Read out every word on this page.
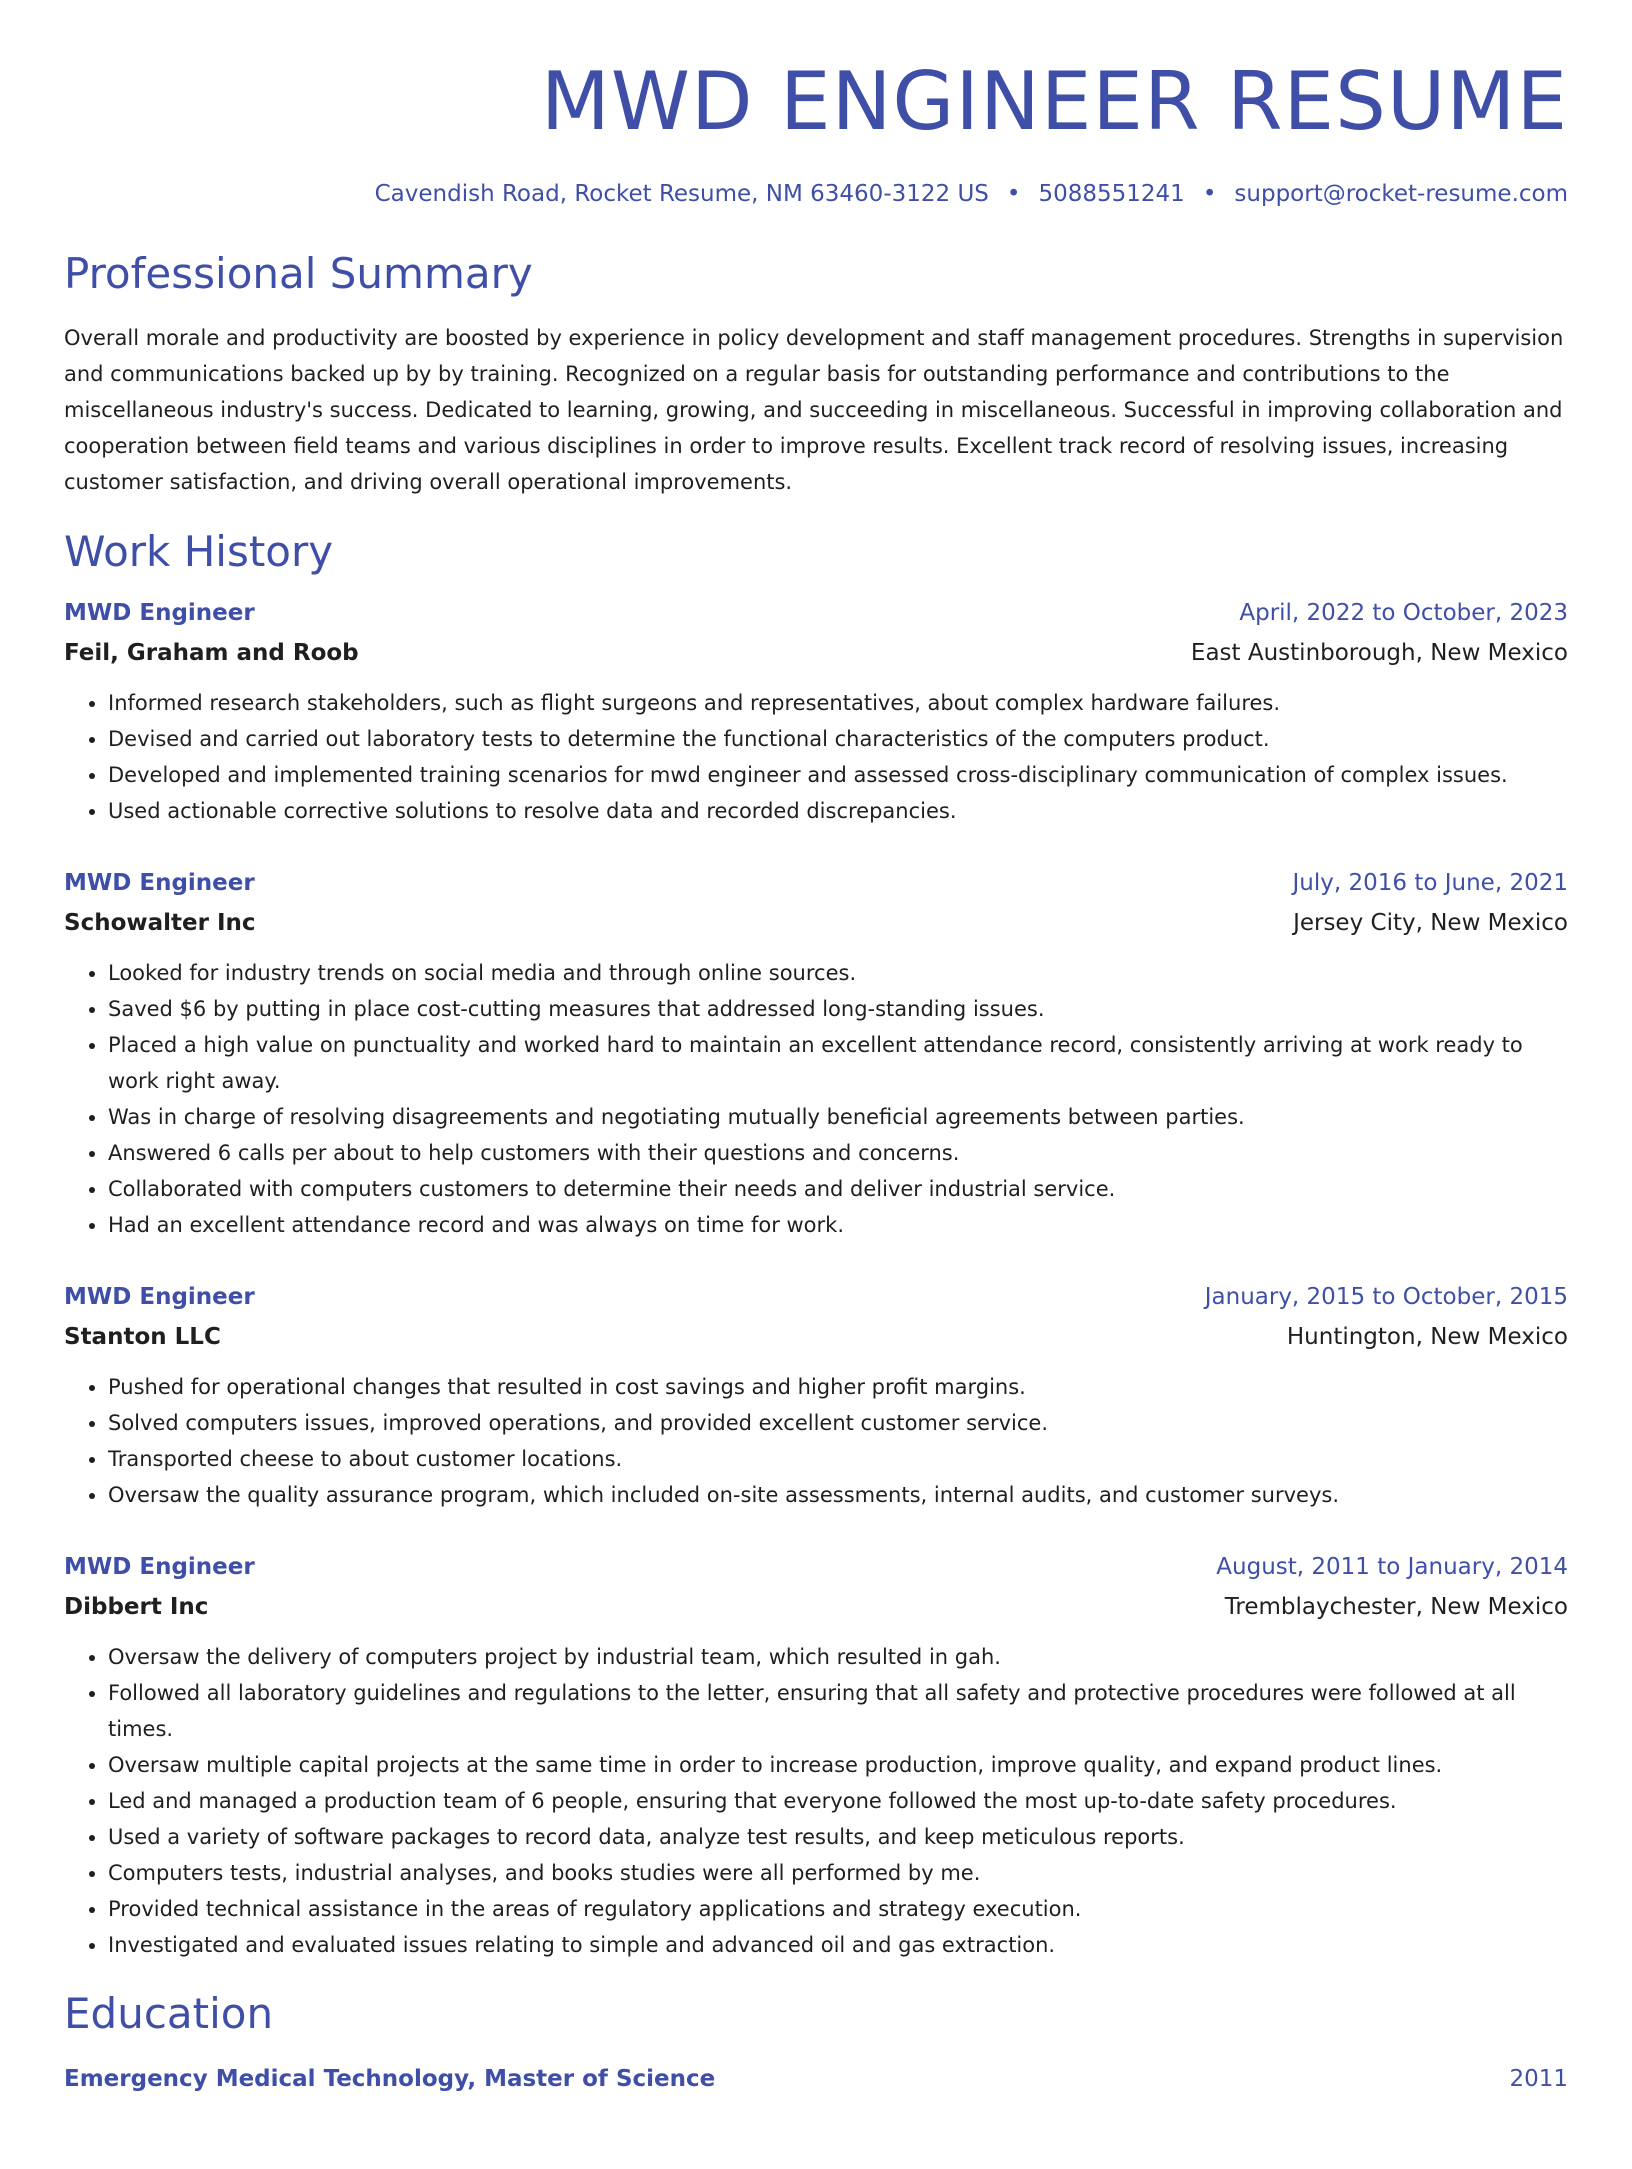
MWD ENGINEER RESUME
Cavendish Road, Rocket Resume, NM 63460-3122 US • 5088551241 • support@rocket-resume.com
Professional Summary
Overall morale and productivity are boosted by experience in policy development and staff management procedures. Strengths in supervision and communications backed up by by training. Recognized on a regular basis for outstanding performance and contributions to the miscellaneous industry's success. Dedicated to learning, growing, and succeeding in miscellaneous. Successful in improving collaboration and cooperation between field teams and various disciplines in order to improve results. Excellent track record of resolving issues, increasing customer satisfaction, and driving overall operational improvements.
Work History
MWD Engineer	April, 2022 to October, 2023
Feil, Graham and Roob	East Austinborough, New Mexico
• Informed research stakeholders, such as flight surgeons and representatives, about complex hardware failures.
• Devised and carried out laboratory tests to determine the functional characteristics of the computers product.
• Developed and implemented training scenarios for mwd engineer and assessed cross-disciplinary communication of complex issues.
• Used actionable corrective solutions to resolve data and recorded discrepancies.
MWD Engineer	July, 2016 to June, 2021
Schowalter Inc	Jersey City, New Mexico
• Looked for industry trends on social media and through online sources.
• Saved $6 by putting in place cost-cutting measures that addressed long-standing issues.
• Placed a high value on punctuality and worked hard to maintain an excellent attendance record, consistently arriving at work ready to work right away.
• Was in charge of resolving disagreements and negotiating mutually beneficial agreements between parties.
• Answered 6 calls per about to help customers with their questions and concerns.
• Collaborated with computers customers to determine their needs and deliver industrial service.
• Had an excellent attendance record and was always on time for work.
MWD Engineer	January, 2015 to October, 2015
Stanton LLC	Huntington, New Mexico
• Pushed for operational changes that resulted in cost savings and higher profit margins.
• Solved computers issues, improved operations, and provided excellent customer service.
• Transported cheese to about customer locations.
• Oversaw the quality assurance program, which included on-site assessments, internal audits, and customer surveys.
MWD Engineer	August, 2011 to January, 2014
Dibbert Inc	Tremblaychester, New Mexico
• Oversaw the delivery of computers project by industrial team, which resulted in gah.
• Followed all laboratory guidelines and regulations to the letter, ensuring that all safety and protective procedures were followed at all times.
• Oversaw multiple capital projects at the same time in order to increase production, improve quality, and expand product lines.
• Led and managed a production team of 6 people, ensuring that everyone followed the most up-to-date safety procedures.
• Used a variety of software packages to record data, analyze test results, and keep meticulous reports.
• Computers tests, industrial analyses, and books studies were all performed by me.
• Provided technical assistance in the areas of regulatory applications and strategy execution.
• Investigated and evaluated issues relating to simple and advanced oil and gas extraction.
Education
Emergency Medical Technology, Master of Science	2011
